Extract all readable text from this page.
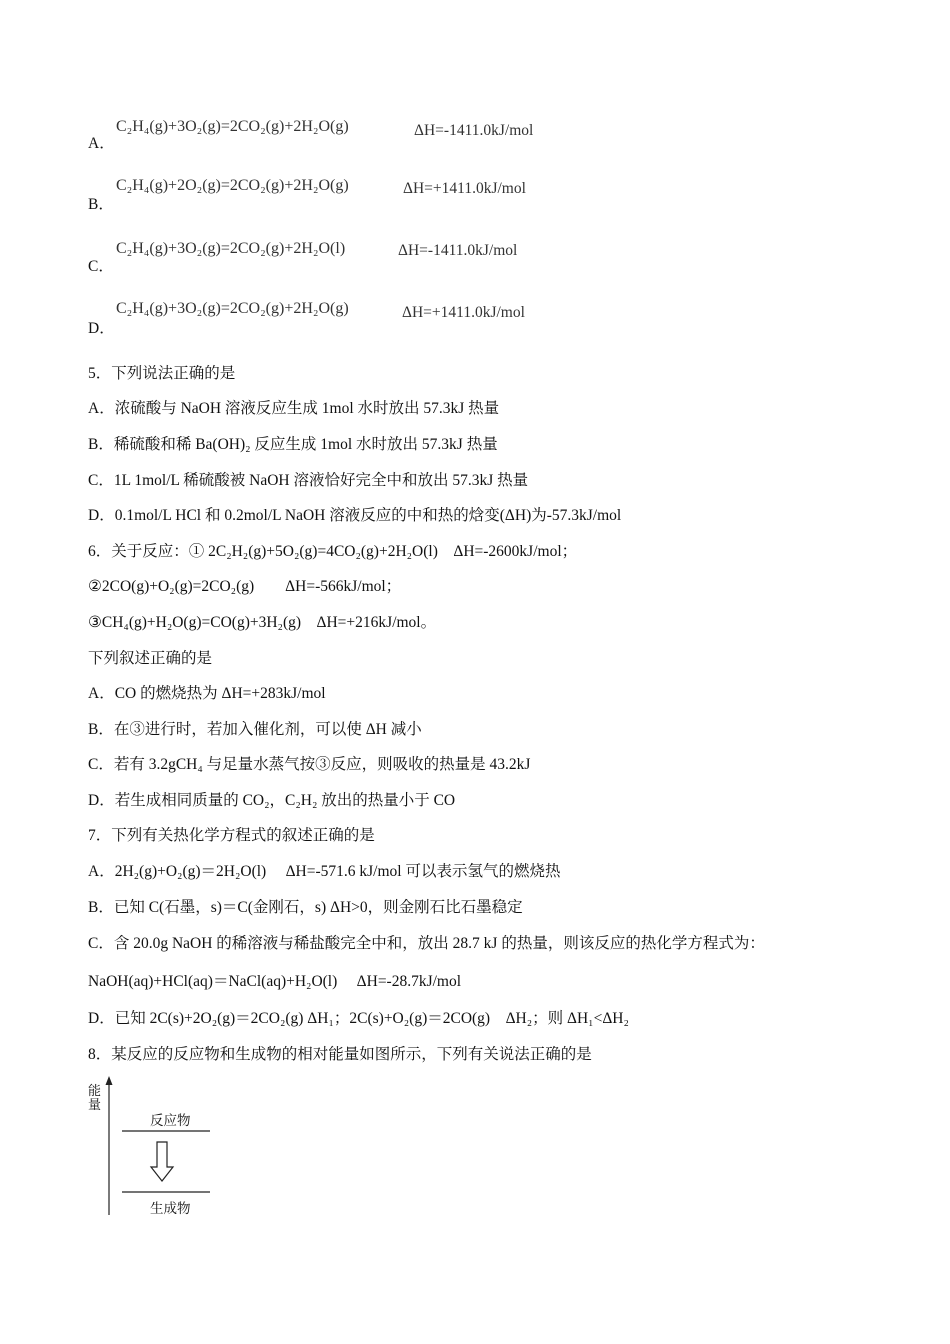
A．
C₂H₄(g)+3O₂(g)=2CO₂(g)+2H₂O(g)	ΔH=-1411.0kJ/mol
B．
C₂H₄(g)+2O₂(g)=2CO₂(g)+2H₂O(g)	ΔH=+1411.0kJ/mol
C．
C₂H₄(g)+3O₂(g)=2CO₂(g)+2H₂O(l)	ΔH=-1411.0kJ/mol
D．
C₂H₄(g)+3O₂(g)=2CO₂(g)+2H₂O(g)	ΔH=+1411.0kJ/mol
5．下列说法正确的是
A．浓硫酸与 NaOH 溶液反应生成 1mol 水时放出 57.3kJ 热量
B．稀硫酸和稀 Ba(OH)₂ 反应生成 1mol 水时放出 57.3kJ 热量
C．1L 1mol/L 稀硫酸被 NaOH 溶液恰好完全中和放出 57.3kJ 热量
D．0.1mol/L HCl 和 0.2mol/L NaOH 溶液反应的中和热的焓变(ΔH)为-57.3kJ/mol
6．关于反应：① 2C₂H₂(g)+5O₂(g)=4CO₂(g)+2H₂O(l)　ΔH=-2600kJ/mol；
②2CO(g)+O₂(g)=2CO₂(g)　　ΔH=-566kJ/mol；
③CH₄(g)+H₂O(g)=CO(g)+3H₂(g)　ΔH=+216kJ/mol。
下列叙述正确的是
A．CO 的燃烧热为 ΔH=+283kJ/mol
B．在③进行时，若加入催化剂，可以使 ΔH 减小
C．若有 3.2gCH₄ 与足量水蒸气按③反应，则吸收的热量是 43.2kJ
D．若生成相同质量的 CO₂，C₂H₂ 放出的热量小于 CO
7．下列有关热化学方程式的叙述正确的是
A．2H₂(g)+O₂(g)＝2H₂O(l)　 ΔH=-571.6 kJ/mol 可以表示氢气的燃烧热
B．已知 C(石墨，s)＝C(金刚石，s) ΔH>0，则金刚石比石墨稳定
C．含 20.0g NaOH 的稀溶液与稀盐酸完全中和，放出 28.7 kJ 的热量，则该反应的热化学方程式为：
NaOH(aq)+HCl(aq)＝NaCl(aq)+H₂O(l)　 ΔH=-28.7kJ/mol
D．已知 2C(s)+2O₂(g)＝2CO₂(g) ΔH₁；2C(s)+O₂(g)＝2CO(g)　ΔH₂；则 ΔH₁<ΔH₂
8．某反应的反应物和生成物的相对能量如图所示，下列有关说法正确的是
能量
反应物
生成物
